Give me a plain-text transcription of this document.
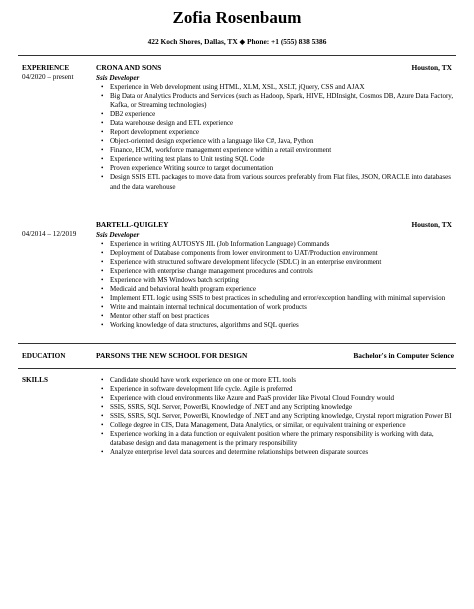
Zofia Rosenbaum
422 Koch Shores, Dallas, TX ◆ Phone: +1 (555) 838 5386
EXPERIENCE
04/2020 – present
CRONA AND SONS	Houston, TX
Ssis Developer
• Experience in Web development using HTML, XLM, XSL, XSLT, jQuery, CSS and AJAX
• Big Data or Analytics Products and Services (such as Hadoop, Spark, HIVE, HDInsight, Cosmos DB, Azure Data Factory, Kafka, or Streaming technologies)
• DB2 experience
• Data warehouse design and ETL experience
• Report development experience
• Object-oriented design experience with a language like C#, Java, Python
• Finance, HCM, workforce management experience within a retail environment
• Experience writing test plans to Unit testing SQL Code
• Proven experience Writing source to target documentation
• Design SSIS ETL packages to move data from various sources preferably from Flat files, JSON, ORACLE into databases and the data warehouse
04/2014 – 12/2019
BARTELL-QUIGLEY	Houston, TX
Ssis Developer
• Experience in writing AUTOSYS JIL (Job Information Language) Commands
• Deployment of Database components from lower environment to UAT/Production environment
• Experience with structured software development lifecycle (SDLC) in an enterprise environment
• Experience with enterprise change management procedures and controls
• Experience with MS Windows batch scripting
• Medicaid and behavioral health program experience
• Implement ETL logic using SSIS to best practices in scheduling and error/exception handling with minimal supervision
• Write and maintain internal technical documentation of work products
• Mentor other staff on best practices
• Working knowledge of data structures, algorithms and SQL queries
EDUCATION	PARSONS THE NEW SCHOOL FOR DESIGN	Bachelor's in Computer Science
SKILLS
•	Candidate should have work experience on one or more ETL tools
• Experience in software development life cycle. Agile is preferred
• Experience with cloud environments like Azure and PaaS provider like Pivotal Cloud Foundry would
• SSIS, SSRS, SQL Server, PowerBi, Knowledge of .NET and any Scripting knowledge
• SSIS, SSRS, SQL Server, PowerBi, Knowledge of .NET and any Scripting knowledge, Crystal report migration Power BI
• College degree in CIS, Data Management, Data Analytics, or similar, or equivalent training or experience
• Experience working in a data function or equivalent position where the primary responsibility is working with data, database design and data management is the primary responsibility
• Analyze enterprise level data sources and determine relationships between disparate sources
